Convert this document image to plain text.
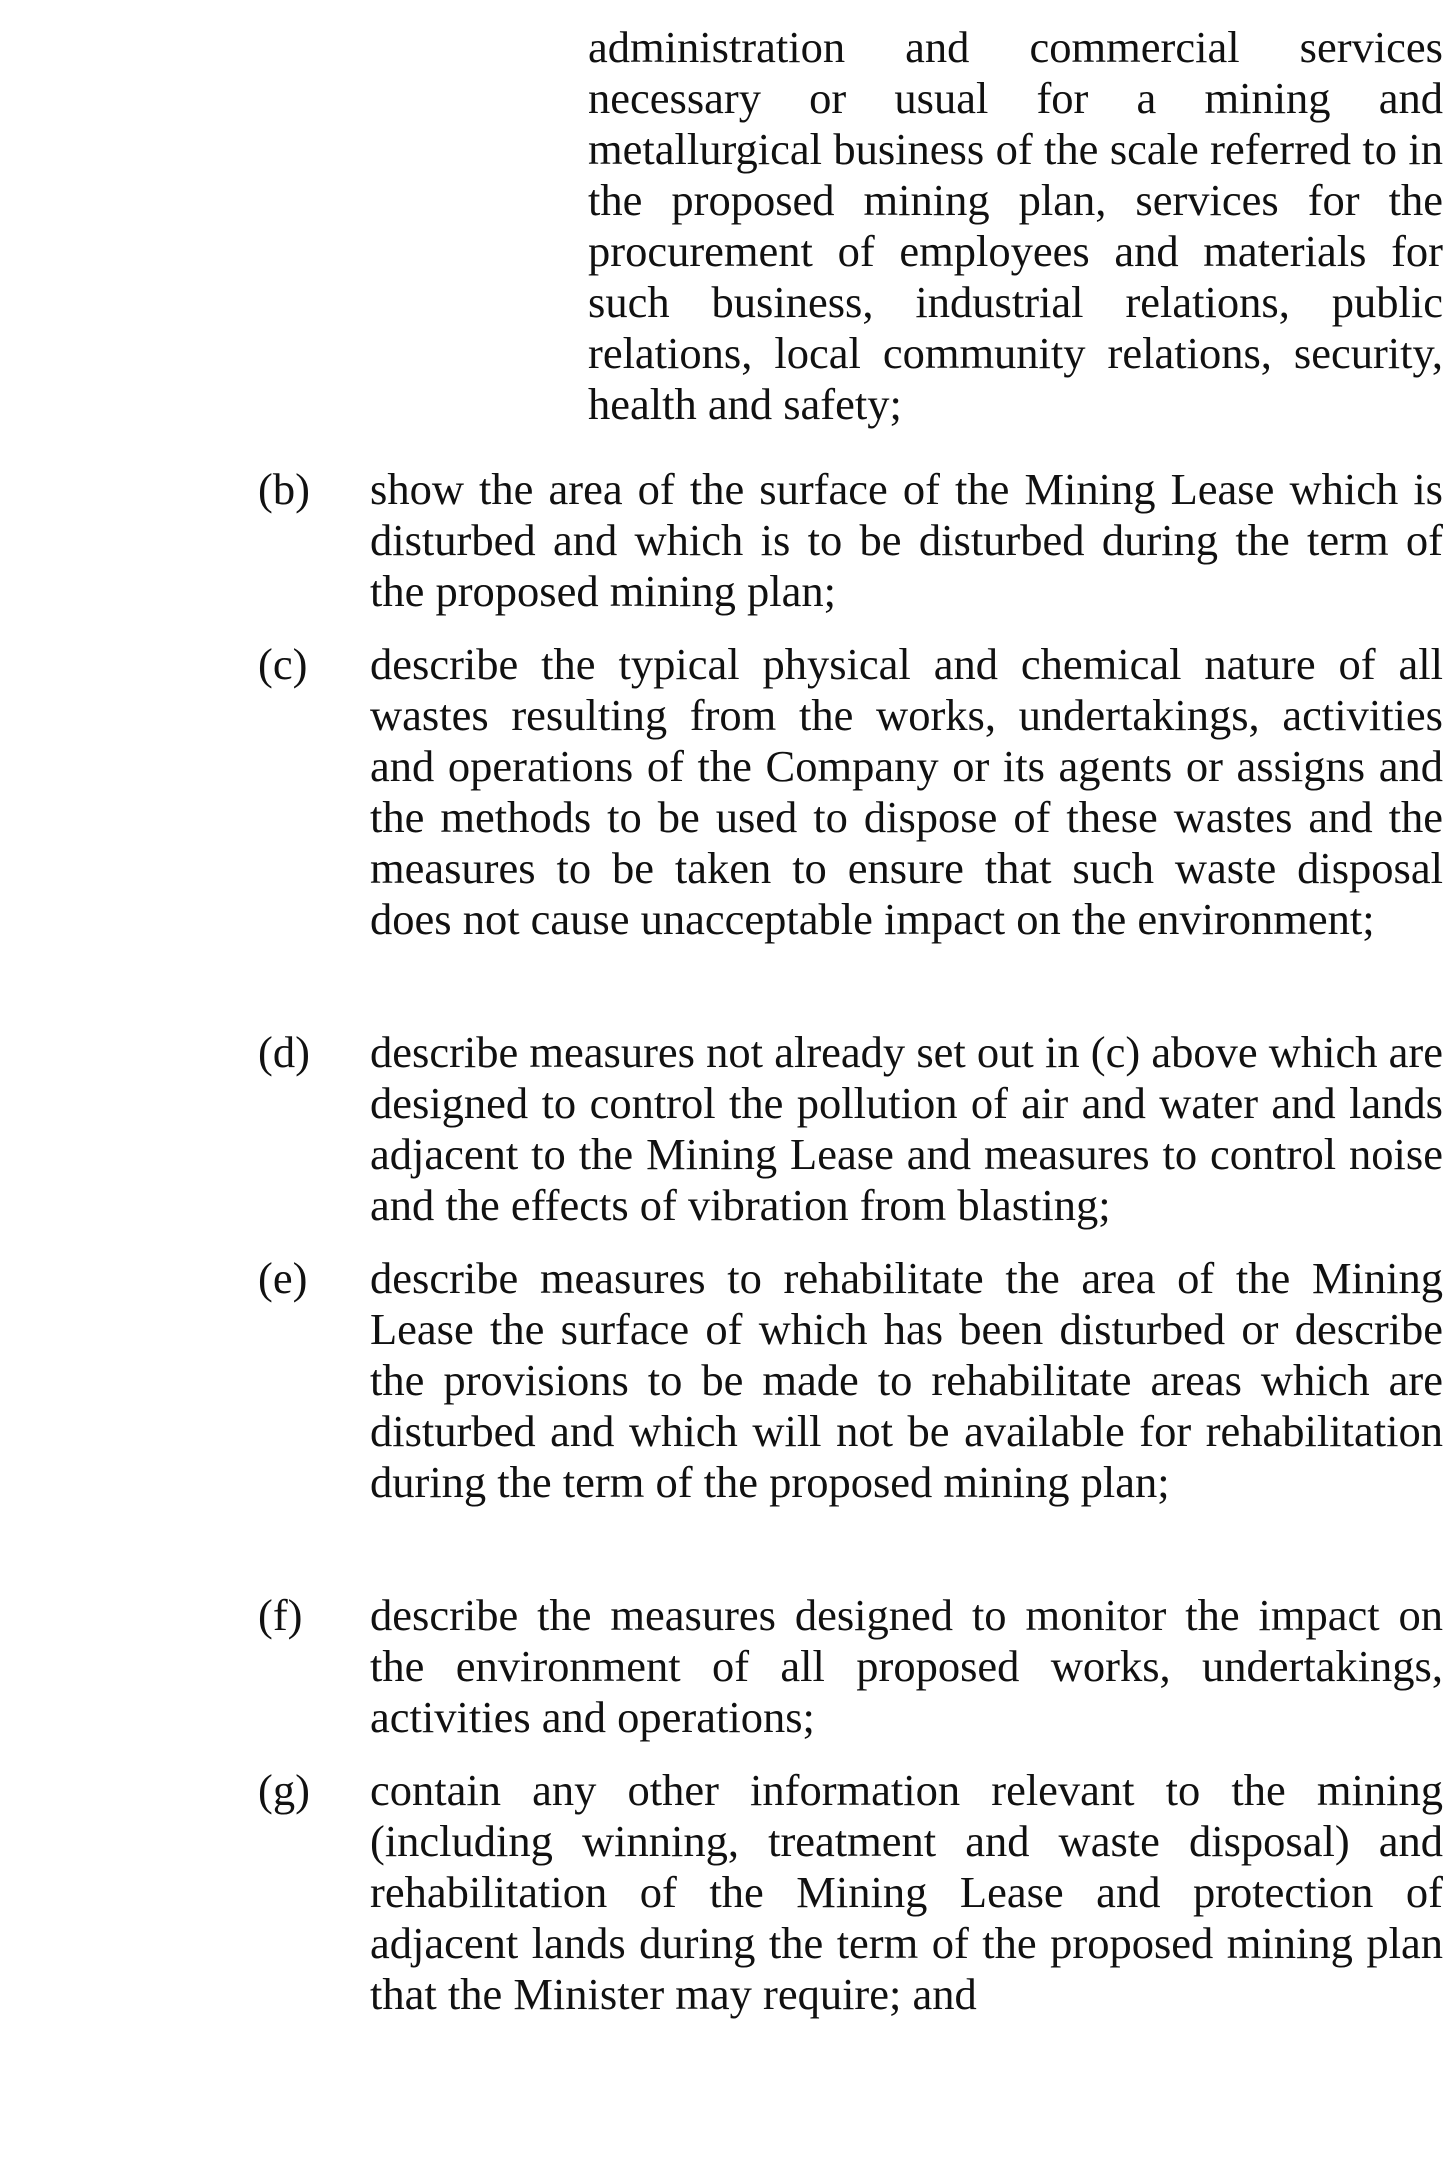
administration and commercial services necessary or usual for a mining and metallurgical business of the scale referred to in the proposed mining plan, services for the procurement of employees and materials for such business, industrial relations, public relations, local community relations, security, health and safety;
(b) show the area of the surface of the Mining Lease which is disturbed and which is to be disturbed during the term of the proposed mining plan;
(c) describe the typical physical and chemical nature of all wastes resulting from the works, undertakings, activities and operations of the Company or its agents or assigns and the methods to be used to dispose of these wastes and the measures to be taken to ensure that such waste disposal does not cause unacceptable impact on the environment;
(d) describe measures not already set out in (c) above which are designed to control the pollution of air and water and lands adjacent to the Mining Lease and measures to control noise and the effects of vibration from blasting;
(e) describe measures to rehabilitate the area of the Mining Lease the surface of which has been disturbed or describe the provisions to be made to rehabilitate areas which are disturbed and which will not be available for rehabilitation during the term of the proposed mining plan;
(f) describe the measures designed to monitor the impact on the environment of all proposed works, undertakings, activities and operations;
(g) contain any other information relevant to the mining (including winning, treatment and waste disposal) and rehabilitation of the Mining Lease and protection of adjacent lands during the term of the proposed mining plan that the Minister may require; and
